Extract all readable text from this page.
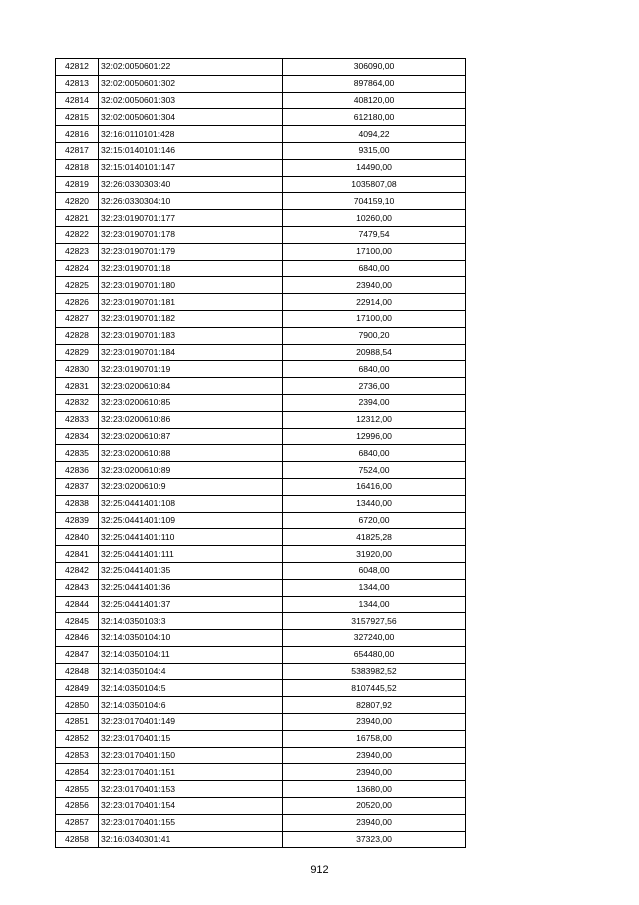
42812	32:02:0050601:22	306090,00
42813	32:02:0050601:302	897864,00
42814	32:02:0050601:303	408120,00
42815	32:02:0050601:304	612180,00
42816	32:16:0110101:428	4094,22
42817	32:15:0140101:146	9315,00
42818	32:15:0140101:147	14490,00
42819	32:26:0330303:40	1035807,08
42820	32:26:0330304:10	704159,10
42821	32:23:0190701:177	10260,00
42822	32:23:0190701:178	7479,54
42823	32:23:0190701:179	17100,00
42824	32:23:0190701:18	6840,00
42825	32:23:0190701:180	23940,00
42826	32:23:0190701:181	22914,00
42827	32:23:0190701:182	17100,00
42828	32:23:0190701:183	7900,20
42829	32:23:0190701:184	20988,54
42830	32:23:0190701:19	6840,00
42831	32:23:0200610:84	2736,00
42832	32:23:0200610:85	2394,00
42833	32:23:0200610:86	12312,00
42834	32:23:0200610:87	12996,00
42835	32:23:0200610:88	6840,00
42836	32:23:0200610:89	7524,00
42837	32:23:0200610:9	16416,00
42838	32:25:0441401:108	13440,00
42839	32:25:0441401:109	6720,00
42840	32:25:0441401:110	41825,28
42841	32:25:0441401:111	31920,00
42842	32:25:0441401:35	6048,00
42843	32:25:0441401:36	1344,00
42844	32:25:0441401:37	1344,00
42845	32:14:0350103:3	3157927,56
42846	32:14:0350104:10	327240,00
42847	32:14:0350104:11	654480,00
42848	32:14:0350104:4	5383982,52
42849	32:14:0350104:5	8107445,52
42850	32:14:0350104:6	82807,92
42851	32:23:0170401:149	23940,00
42852	32:23:0170401:15	16758,00
42853	32:23:0170401:150	23940,00
42854	32:23:0170401:151	23940,00
42855	32:23:0170401:153	13680,00
42856	32:23:0170401:154	20520,00
42857	32:23:0170401:155	23940,00
42858	32:16:0340301:41	37323,00
912
